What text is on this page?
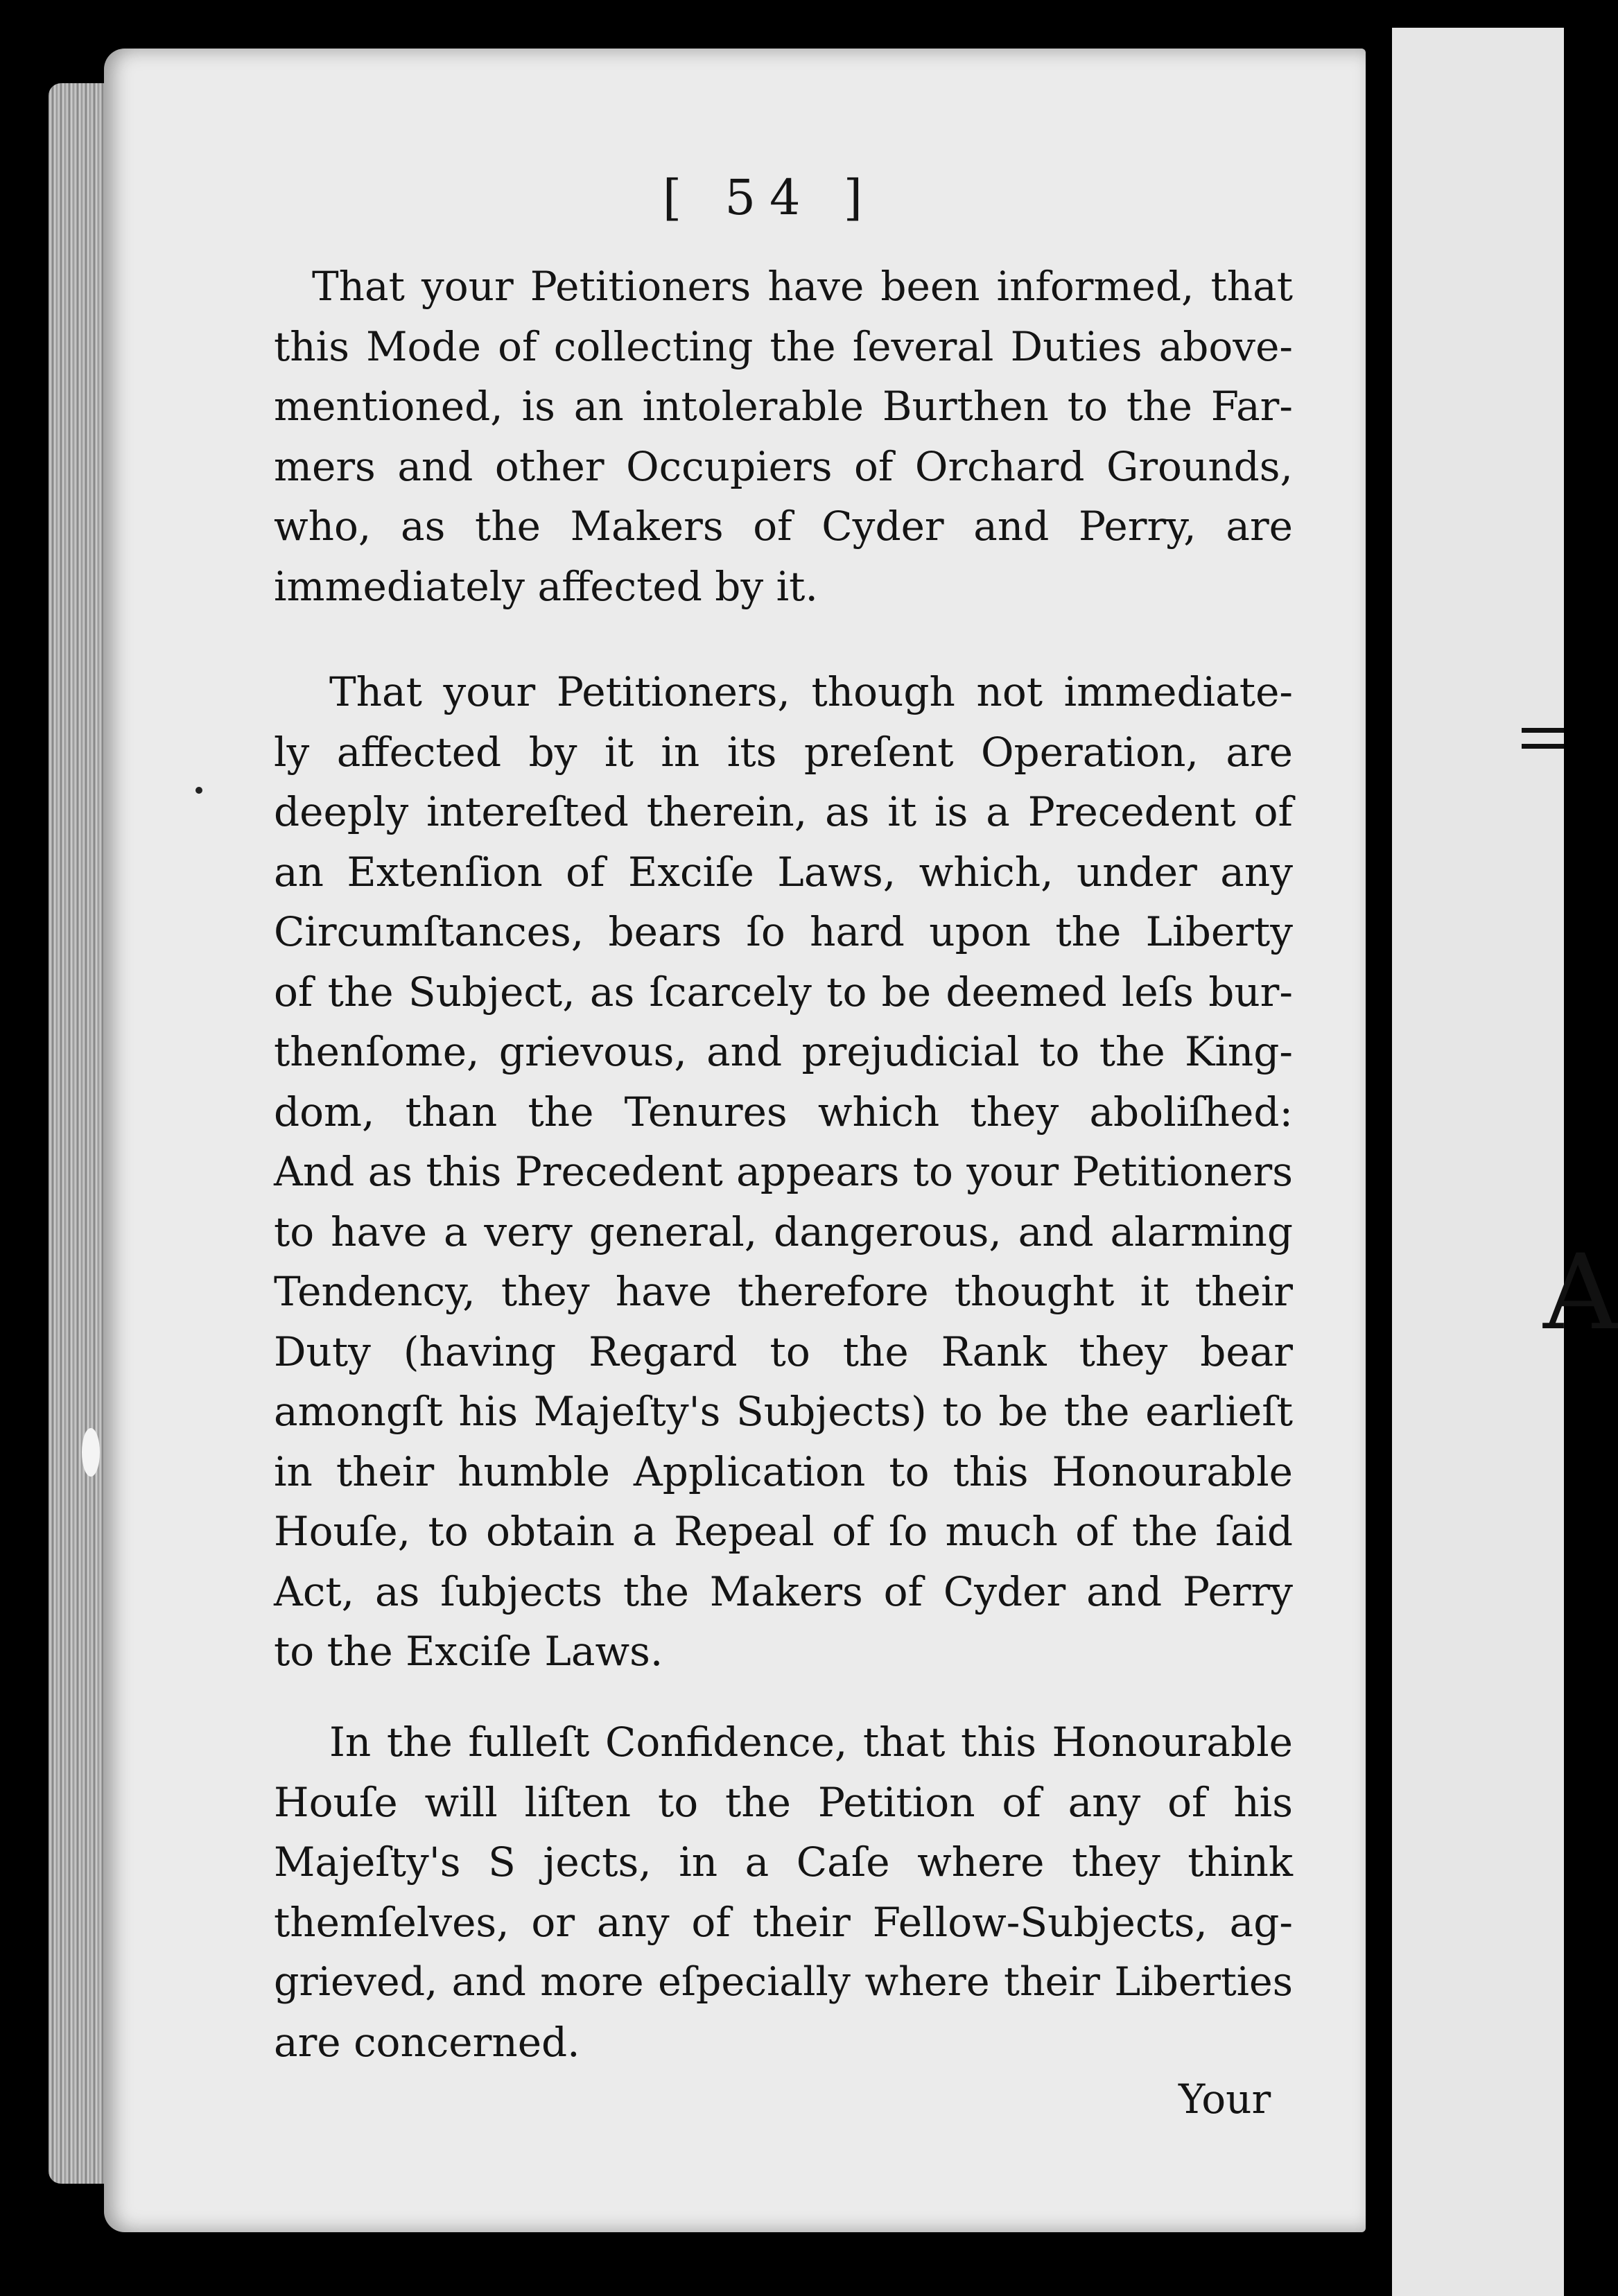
A
[ 54 ]
That your Petitioners have been informed, that
this Mode of collecting the ſeveral Duties above-
mentioned, is an intolerable Burthen to the Far-
mers and other Occupiers of Orchard Grounds,
who, as the Makers of Cyder and Perry, are
immediately affected by it.
That your Petitioners, though not immediate-
ly affected by it in its preſent Operation, are
deeply intereſted therein, as it is a Precedent of
an Extenſion of Exciſe Laws, which, under any
Circumſtances, bears ſo hard upon the Liberty
of the Subject, as ſcarcely to be deemed leſs bur-
thenſome, grievous, and prejudicial to the King-
dom, than the Tenures which they aboliſhed:
And as this Precedent appears to your Petitioners
to have a very general, dangerous, and alarming
Tendency, they have therefore thought it their
Duty (having Regard to the Rank they bear
amongſt his Majeſty's Subjects) to be the earlieſt
in their humble Application to this Honourable
Houſe, to obtain a Repeal of ſo much of the ſaid
Act, as ſubjects the Makers of Cyder and Perry
to the Exciſe Laws.
In the fulleſt Confidence, that this Honourable
Houſe will liſten to the Petition of any of his
Majeſty's S jects, in a Caſe where they think
themſelves, or any of their Fellow-Subjects, ag-
grieved, and more eſpecially where their Liberties
are concerned.
Your
